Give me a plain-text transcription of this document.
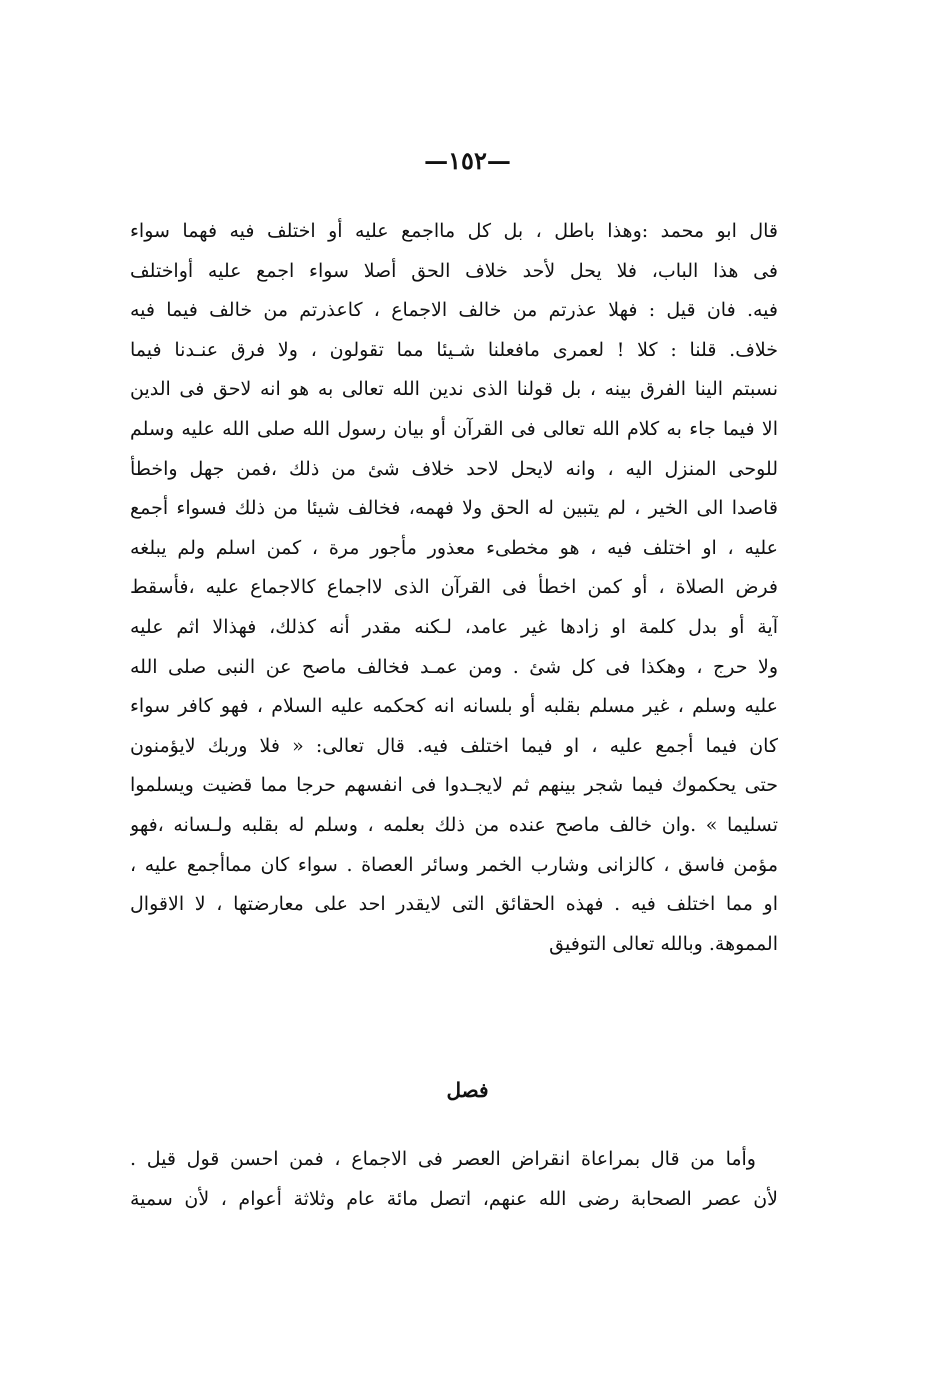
—١٥٢—
قال ابو محمد :وهذا باطل ، بل كل مااجمع عليه أو اختلف فيه فهما سواء
فى هذا الباب، فلا يحل لأحد خلاف الحق أصلا سواء اجمع عليه أواختلف
فيه. فان قيل : فهلا عذرتم من خالف الاجماع ، كاعذرتم من خالف فيما فيه
خلاف. قلنا : كلا ! لعمرى مافعلنا شـيئا مما تقولون ، ولا فرق عنـدنا فيما
نسبتم الينا الفرق بينه ، بل قولنا الذى ندين الله تعالى به هو انه لاحق فى الدين
الا فيما جاء به كلام الله تعالى فى القرآن أو بيان رسول الله صلى الله عليه وسلم
للوحى المنزل اليه ، وانه لايحل لاحد خلاف شئ من ذلك ،فمن جهل واخطأ
قاصدا الى الخير ، لم يتبين له الحق ولا فهمه، فخالف شيئا من ذلك فسواء أجمع
عليه ، او اختلف فيه ، هو مخطىء معذور مأجور مرة ، كمن اسلم ولم يبلغه
فرض الصلاة ، أو كمن اخطأ فى القرآن الذى لااجماع كالاجماع عليه ،فأسقط
آية أو بدل كلمة او زادها غير عامد، لـكنه مقدر أنه كذلك، فهذالا اثم عليه
ولا حرج ، وهكذا فى كل شئ . ومن عمـد فخالف ماصح عن النبى صلى الله
عليه وسلم ، غير مسلم بقلبه أو بلسانه انه كحكمه عليه السلام ، فهو كافر سواء
كان فيما أجمع عليه ، او فيما اختلف فيه. قال تعالى: « فلا وربك لايؤمنون
حتى يحكموك فيما شجر بينهم ثم لايجـدوا فى انفسهم حرجا مما قضيت ويسلموا
تسليما » .وان خالف ماصح عنده من ذلك بعلمه ، وسلم له بقلبه ولـسانه ،فهو
مؤمن فاسق ، كالزانى وشارب الخمر وسائر العصاة . سواء كان مماأجمع عليه ،
او مما اختلف فيه . فهذه الحقائق التى لايقدر احد على معارضتها ، لا الاقوال
المموهة. وبالله تعالى التوفيق
فصل
وأما من قال بمراعاة انقراض العصر فى الاجماع ، فمن احسن قول قيل .
لأن عصر الصحابة رضى الله عنهم، اتصل مائة عام وثلاثة أعوام ، لأن سمية
